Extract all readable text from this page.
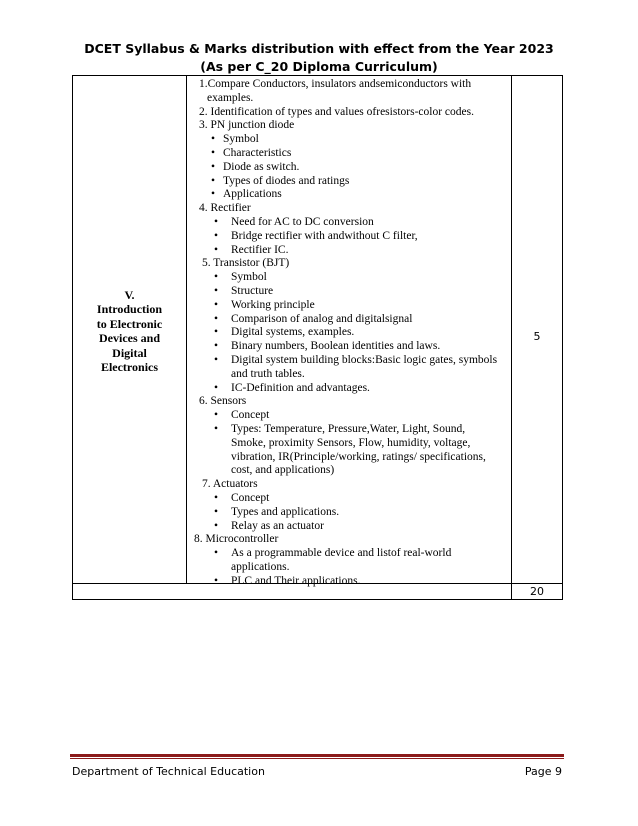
DCET Syllabus & Marks distribution with effect from the Year 2023
(As per C_20 Diploma Curriculum)
V.
Introduction
to Electronic
Devices and
Digital
Electronics
1.Compare Conductors, insulators andsemiconductors with
examples.
2. Identification of types and values ofresistors-color codes.
3. PN junction diode
• Symbol
• Characteristics
• Diode as switch.
• Types of diodes and ratings
• Applications
4. Rectifier
• Need for AC to DC conversion
• Bridge rectifier with andwithout C filter,
• Rectifier IC.
5. Transistor (BJT)
• Symbol
• Structure
• Working principle
• Comparison of analog and digitalsignal
• Digital systems, examples.
• Binary numbers, Boolean identities and laws.
• Digital system building blocks:Basic logic gates, symbols
and truth tables.
• IC-Definition and advantages.
6. Sensors
• Concept
• Types: Temperature, Pressure,Water, Light, Sound,
Smoke, proximity Sensors, Flow, humidity, voltage,
vibration, IR(Principle/working, ratings/ specifications,
cost, and applications)
7. Actuators
• Concept
• Types and applications.
• Relay as an actuator
8. Microcontroller
• As a programmable device and listof real-world
applications.
• PLC and Their applications.
5
20
Department of Technical Education	Page 9
